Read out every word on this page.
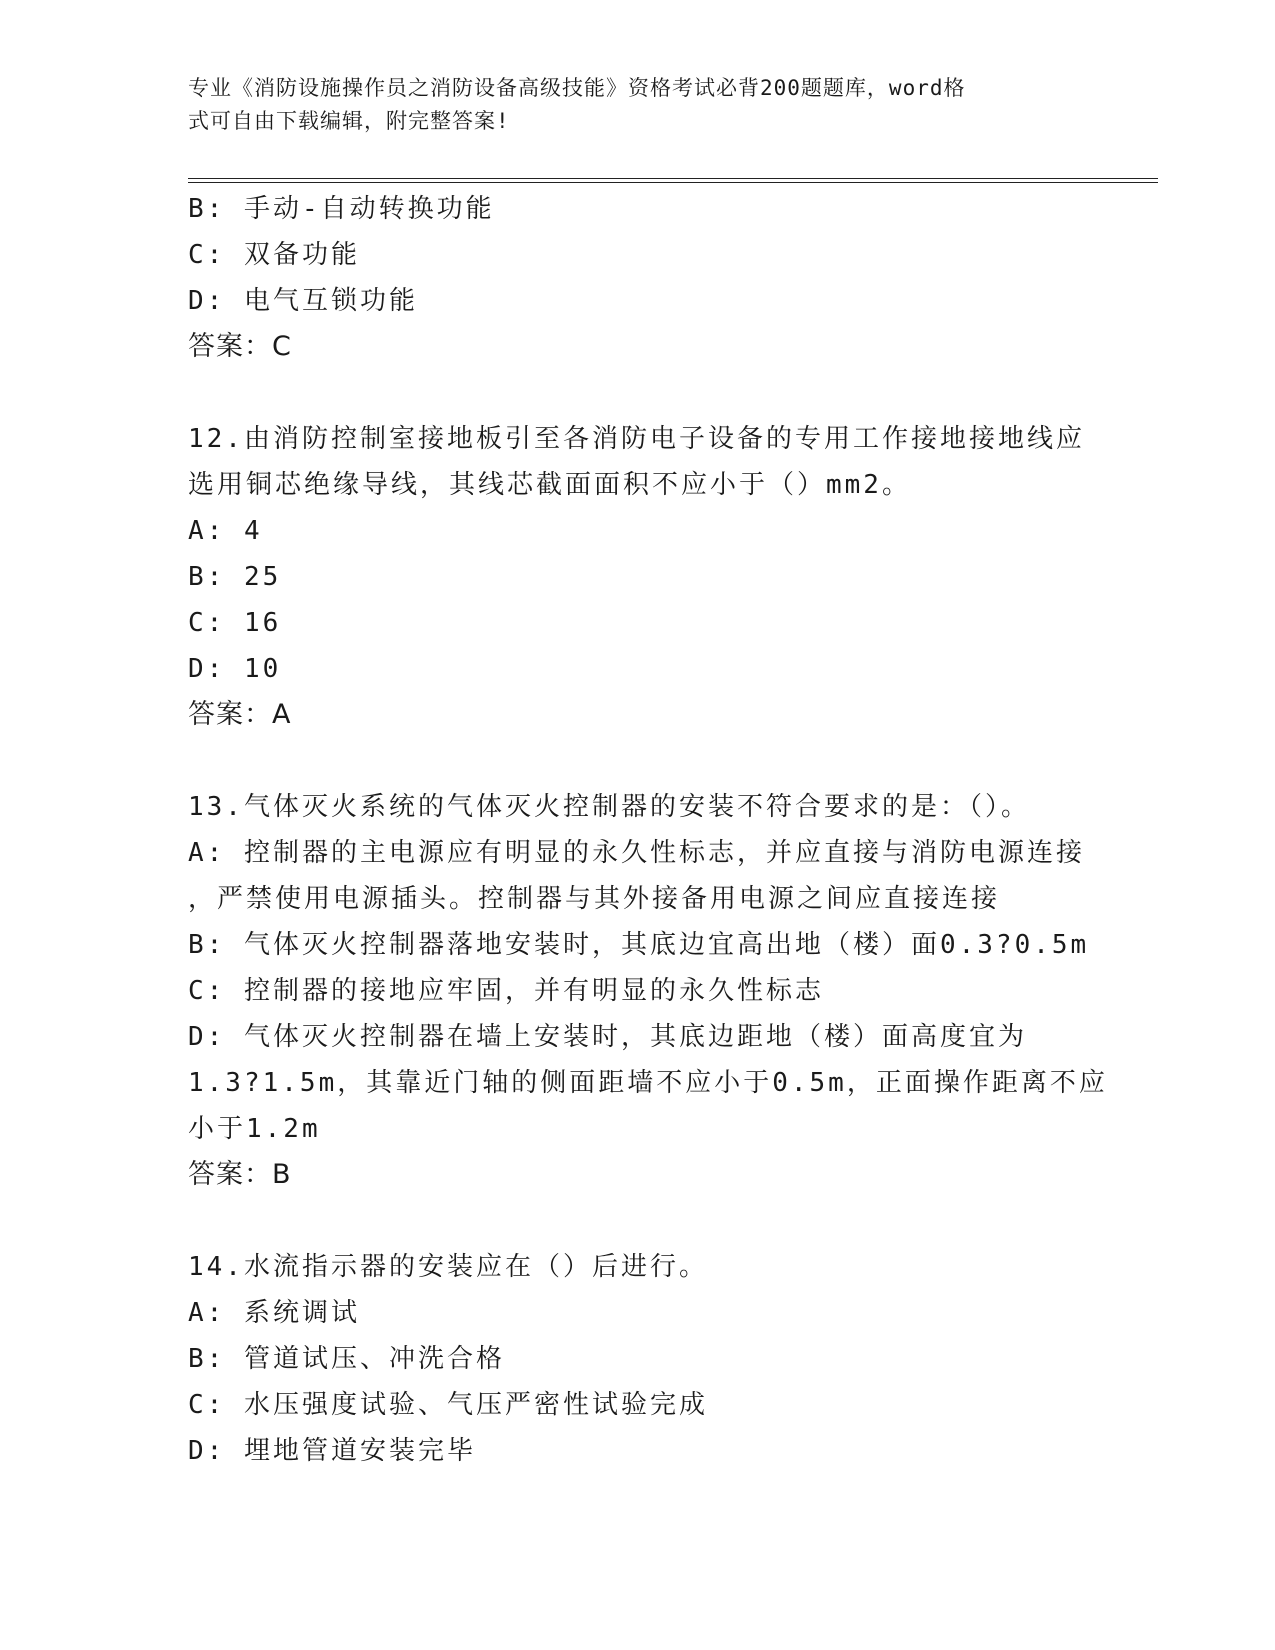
专业《消防设施操作员之消防设备高级技能》资格考试必背200题题库，word格
式可自由下载编辑，附完整答案!
B: 手动-自动转换功能
C: 双备功能
D: 电气互锁功能
答案：C
12.由消防控制室接地板引至各消防电子设备的专用工作接地接地线应
选用铜芯绝缘导线，其线芯截面面积不应小于（）mm2。
A: 4
B: 25
C: 16
D: 10
答案：A
13.气体灭火系统的气体灭火控制器的安装不符合要求的是：（）。
A: 控制器的主电源应有明显的永久性标志，并应直接与消防电源连接
，严禁使用电源插头。控制器与其外接备用电源之间应直接连接
B: 气体灭火控制器落地安装时，其底边宜高出地（楼）面0.3?0.5m
C: 控制器的接地应牢固，并有明显的永久性标志
D: 气体灭火控制器在墙上安装时，其底边距地（楼）面高度宜为
1.3?1.5m，其靠近门轴的侧面距墙不应小于0.5m，正面操作距离不应
小于1.2m
答案：B
14.水流指示器的安装应在（）后进行。
A: 系统调试
B: 管道试压、冲洗合格
C: 水压强度试验、气压严密性试验完成
D: 埋地管道安装完毕
